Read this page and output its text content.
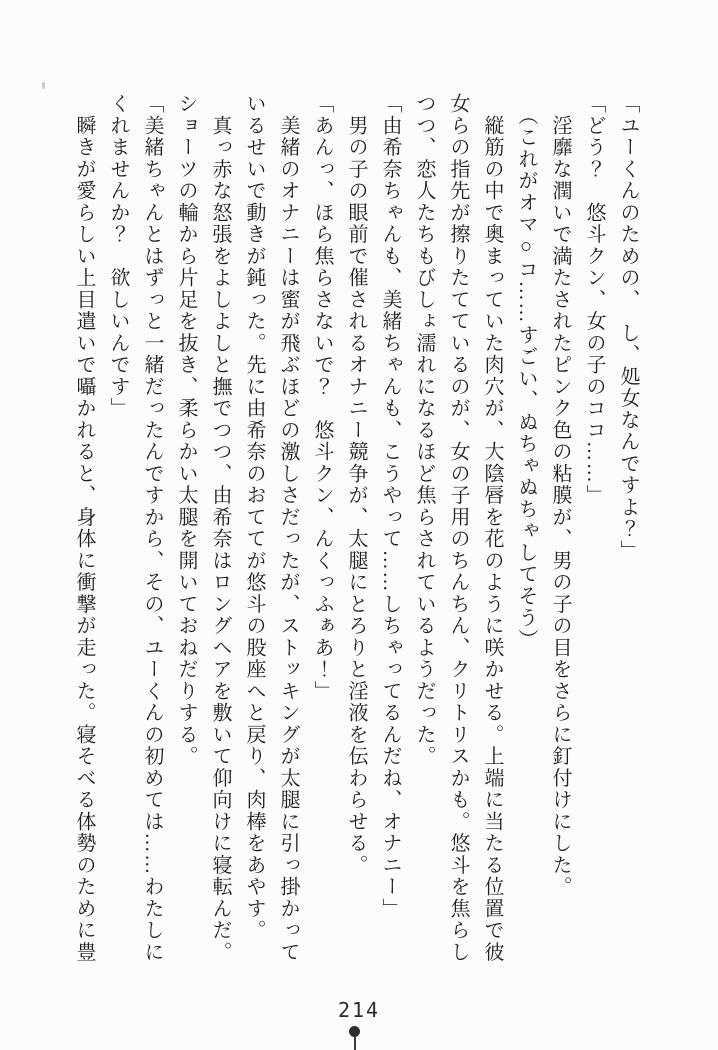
「ユーくんのための、　し、処女なんですよ？」
「どう？　悠斗クン、女の子のココ……」
　淫靡な潤いで満たされたピンク色の粘膜が、男の子の目をさらに釘付けにした。
　（これがオマ○コ……すごい、ぬちゃぬちゃしてそう）
　縦筋の中で奥まっていた肉穴が、大陰唇を花のように咲かせる。上端に当たる位置で彼
女らの指先が擦りたてているのが、女の子用のちんちん、クリトリスかも。悠斗を焦らし
つつ、恋人たちもびしょ濡れになるほど焦らされているようだった。
「由希奈ちゃんも、美緒ちゃんも、こうやって……しちゃってるんだね、オナニー」
　男の子の眼前で催されるオナニー競争が、太腿にとろりと淫液を伝わらせる。
「あんっ、ほら焦らさないで？　悠斗クン、んくっふぁあ！」
　美緒のオナニーは蜜が飛ぶほどの激しさだったが、ストッキングが太腿に引っ掛かって
いるせいで動きが鈍った。先に由希奈のおててが悠斗の股座へと戻り、肉棒をあやす。
　真っ赤な怒張をよしよしと撫でつつ、由希奈はロングヘアを敷いて仰向けに寝転んだ。
ショーツの輪から片足を抜き、柔らかい太腿を開いておねだりする。
「美緒ちゃんとはずっと一緒だったんですから、その、ユーくんの初めては……わたしに
くれませんか？　欲しいんです」
　瞬きが愛らしい上目遣いで囁かれると、身体に衝撃が走った。寝そべる体勢のために豊
214
